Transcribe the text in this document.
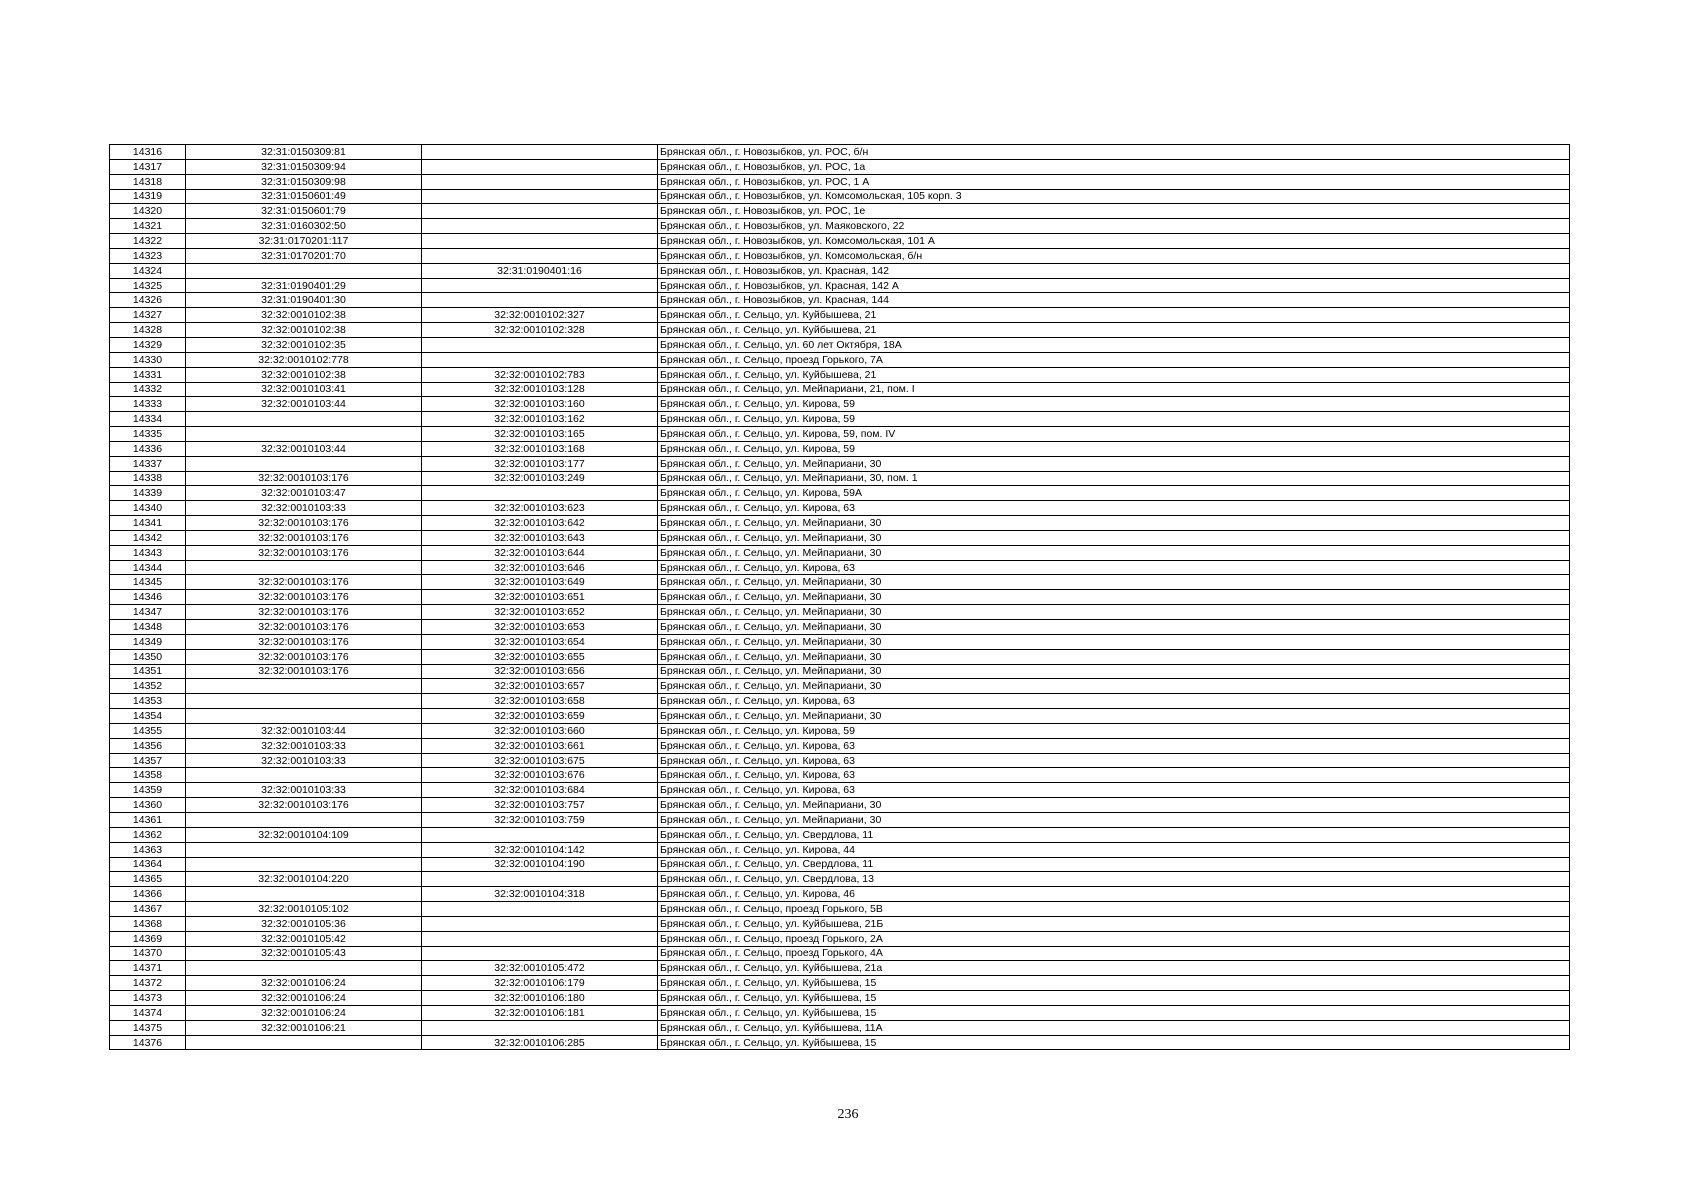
14316	32:31:0150309:81		Брянская обл., г. Новозыбков, ул. РОС, б/н
14317	32:31:0150309:94		Брянская обл., г. Новозыбков, ул. РОС, 1а
14318	32:31:0150309:98		Брянская обл., г. Новозыбков, ул. РОС, 1 А
14319	32:31:0150601:49		Брянская обл., г. Новозыбков, ул. Комсомольская, 105 корп. 3
14320	32:31:0150601:79		Брянская обл., г. Новозыбков, ул. РОС, 1е
14321	32:31:0160302:50		Брянская обл., г. Новозыбков, ул. Маяковского, 22
14322	32:31:0170201:117		Брянская обл., г. Новозыбков, ул. Комсомольская, 101 А
14323	32:31:0170201:70		Брянская обл., г. Новозыбков, ул. Комсомольская, б/н
14324		32:31:0190401:16	Брянская обл., г. Новозыбков, ул. Красная, 142
14325	32:31:0190401:29		Брянская обл., г. Новозыбков, ул. Красная, 142 А
14326	32:31:0190401:30		Брянская обл., г. Новозыбков, ул. Красная, 144
14327	32:32:0010102:38	32:32:0010102:327	Брянская обл., г. Сельцо, ул. Куйбышева, 21
14328	32:32:0010102:38	32:32:0010102:328	Брянская обл., г. Сельцо, ул. Куйбышева, 21
14329	32:32:0010102:35		Брянская обл., г. Сельцо, ул. 60 лет Октября, 18А
14330	32:32:0010102:778		Брянская обл., г. Сельцо, проезд Горького, 7А
14331	32:32:0010102:38	32:32:0010102:783	Брянская обл., г. Сельцо, ул. Куйбышева, 21
14332	32:32:0010103:41	32:32:0010103:128	Брянская обл., г. Сельцо, ул. Мейпариани, 21, пом. I
14333	32:32:0010103:44	32:32:0010103:160	Брянская обл., г. Сельцо, ул. Кирова, 59
14334		32:32:0010103:162	Брянская обл., г. Сельцо, ул. Кирова, 59
14335		32:32:0010103:165	Брянская обл., г. Сельцо, ул. Кирова, 59, пом. IV
14336	32:32:0010103:44	32:32:0010103:168	Брянская обл., г. Сельцо, ул. Кирова, 59
14337		32:32:0010103:177	Брянская обл., г. Сельцо, ул. Мейпариани, 30
14338	32:32:0010103:176	32:32:0010103:249	Брянская обл., г. Сельцо, ул. Мейпариани, 30, пом. 1
14339	32:32:0010103:47		Брянская обл., г. Сельцо, ул. Кирова, 59А
14340	32:32:0010103:33	32:32:0010103:623	Брянская обл., г. Сельцо, ул. Кирова, 63
14341	32:32:0010103:176	32:32:0010103:642	Брянская обл., г. Сельцо, ул. Мейпариани, 30
14342	32:32:0010103:176	32:32:0010103:643	Брянская обл., г. Сельцо, ул. Мейпариани, 30
14343	32:32:0010103:176	32:32:0010103:644	Брянская обл., г. Сельцо, ул. Мейпариани, 30
14344		32:32:0010103:646	Брянская обл., г. Сельцо, ул. Кирова, 63
14345	32:32:0010103:176	32:32:0010103:649	Брянская обл., г. Сельцо, ул. Мейпариани, 30
14346	32:32:0010103:176	32:32:0010103:651	Брянская обл., г. Сельцо, ул. Мейпариани, 30
14347	32:32:0010103:176	32:32:0010103:652	Брянская обл., г. Сельцо, ул. Мейпариани, 30
14348	32:32:0010103:176	32:32:0010103:653	Брянская обл., г. Сельцо, ул. Мейпариани, 30
14349	32:32:0010103:176	32:32:0010103:654	Брянская обл., г. Сельцо, ул. Мейпариани, 30
14350	32:32:0010103:176	32:32:0010103:655	Брянская обл., г. Сельцо, ул. Мейпариани, 30
14351	32:32:0010103:176	32:32:0010103:656	Брянская обл., г. Сельцо, ул. Мейпариани, 30
14352		32:32:0010103:657	Брянская обл., г. Сельцо, ул. Мейпариани, 30
14353		32:32:0010103:658	Брянская обл., г. Сельцо, ул. Кирова, 63
14354		32:32:0010103:659	Брянская обл., г. Сельцо, ул. Мейпариани, 30
14355	32:32:0010103:44	32:32:0010103:660	Брянская обл., г. Сельцо, ул. Кирова, 59
14356	32:32:0010103:33	32:32:0010103:661	Брянская обл., г. Сельцо, ул. Кирова, 63
14357	32:32:0010103:33	32:32:0010103:675	Брянская обл., г. Сельцо, ул. Кирова, 63
14358		32:32:0010103:676	Брянская обл., г. Сельцо, ул. Кирова, 63
14359	32:32:0010103:33	32:32:0010103:684	Брянская обл., г. Сельцо, ул. Кирова, 63
14360	32:32:0010103:176	32:32:0010103:757	Брянская обл., г. Сельцо, ул. Мейпариани, 30
14361		32:32:0010103:759	Брянская обл., г. Сельцо, ул. Мейпариани, 30
14362	32:32:0010104:109		Брянская обл., г. Сельцо, ул. Свердлова, 11
14363		32:32:0010104:142	Брянская обл., г. Сельцо, ул. Кирова, 44
14364		32:32:0010104:190	Брянская обл., г. Сельцо, ул. Свердлова, 11
14365	32:32:0010104:220		Брянская обл., г. Сельцо, ул. Свердлова, 13
14366		32:32:0010104:318	Брянская обл., г. Сельцо, ул. Кирова, 46
14367	32:32:0010105:102		Брянская обл., г. Сельцо, проезд Горького, 5В
14368	32:32:0010105:36		Брянская обл., г. Сельцо, ул. Куйбышева, 21Б
14369	32:32:0010105:42		Брянская обл., г. Сельцо, проезд Горького, 2А
14370	32:32:0010105:43		Брянская обл., г. Сельцо, проезд Горького, 4А
14371		32:32:0010105:472	Брянская обл., г. Сельцо, ул. Куйбышева, 21а
14372	32:32:0010106:24	32:32:0010106:179	Брянская обл., г. Сельцо, ул. Куйбышева, 15
14373	32:32:0010106:24	32:32:0010106:180	Брянская обл., г. Сельцо, ул. Куйбышева, 15
14374	32:32:0010106:24	32:32:0010106:181	Брянская обл., г. Сельцо, ул. Куйбышева, 15
14375	32:32:0010106:21		Брянская обл., г. Сельцо, ул. Куйбышева, 11А
14376		32:32:0010106:285	Брянская обл., г. Сельцо, ул. Куйбышева, 15
236
